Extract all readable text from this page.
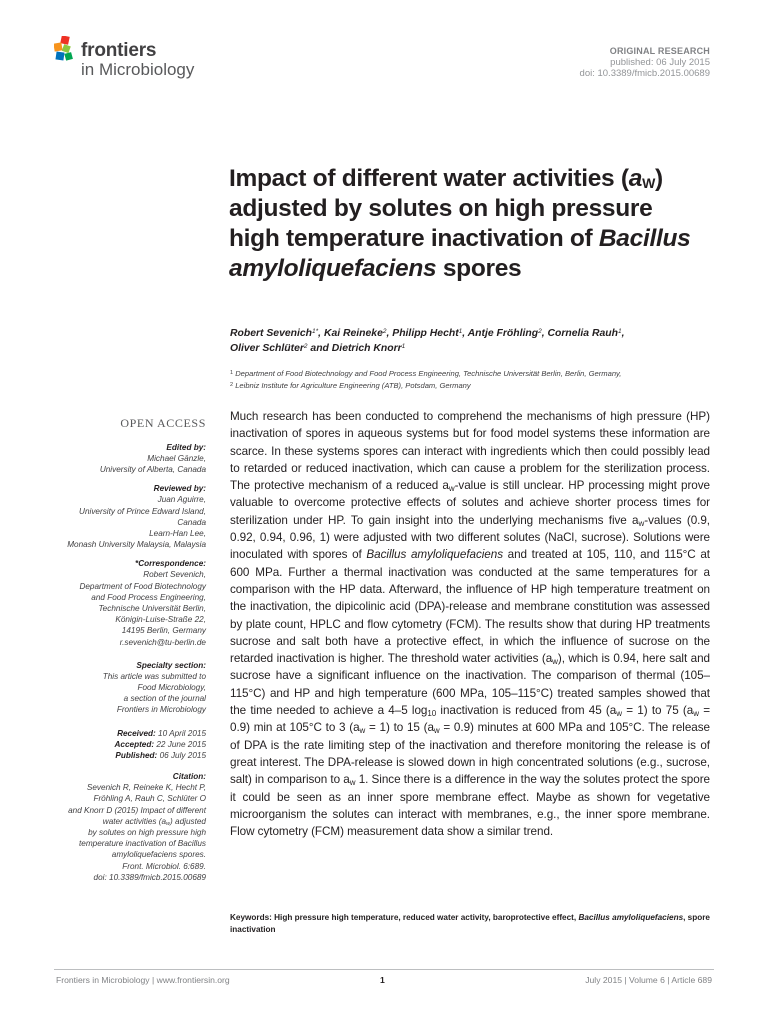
frontiers
in Microbiology
ORIGINAL RESEARCH
published: 06 July 2015
doi: 10.3389/fmicb.2015.00689
Impact of different water activities $(a_W)$ adjusted by solutes on high pressure high temperature inactivation of Bacillus amyloliquefaciens spores
Robert Sevenich$^{1*}$, Kai Reineke$^2$, Philipp Hecht$^1$, Antje Fröhling$^2$, Cornelia Rauh$^1$,
Oliver Schlüter$^2$ and Dietrich Knorr$^1$
$^1$ Department of Food Biotechnology and Food Process Engineering, Technische Universität Berlin, Berlin, Germany,
$^2$ Leibniz Institute for Agriculture Engineering (ATB), Potsdam, Germany
OPEN ACCESS
Edited by:
Michael Gänzle,
University of Alberta, Canada
Reviewed by:
Juan Aguirre,
University of Prince Edward Island,
Canada
Learn-Han Lee,
Monash University Malaysia, Malaysia
*Correspondence:
Robert Sevenich,
Department of Food Biotechnology
and Food Process Engineering,
Technische Universität Berlin,
Königin-Luise-Straße 22,
14195 Berlin, Germany
r.sevenich@tu-berlin.de
Specialty section:
This article was submitted to
Food Microbiology,
a section of the journal
Frontiers in Microbiology
Received: 10 April 2015
Accepted: 22 June 2015
Published: 06 July 2015
Citation:
Sevenich R, Reineke K, Hecht P,
Fröhling A, Rauh C, Schlüter O
and Knorr D (2015) Impact of different
water activities $(a_w)$ adjusted
by solutes on high pressure high
temperature inactivation of Bacillus
amyloliquefaciens spores.
Front. Microbiol. 6:689.
doi: 10.3389/fmicb.2015.00689

Much research has been conducted to comprehend the mechanisms of high pressure (HP) inactivation of spores in aqueous systems but for food model systems these information are scarce. In these systems spores can interact with ingredients which then could possibly lead to retarded or reduced inactivation, which can cause a problem for the sterilization process. The protective mechanism of a reduced $a_w$-value is still unclear. HP processing might prove valuable to overcome protective effects of solutes and achieve shorter process times for sterilization under HP. To gain insight into the underlying mechanisms five $a_w$-values (0.9, 0.92, 0.94, 0.96, 1) were adjusted with two different solutes (NaCl, sucrose). Solutions were inoculated with spores of Bacillus amyloliquefaciens and treated at 105, 110, and 115°C at 600 MPa. Further a thermal inactivation was conducted at the same temperatures for a comparison with the HP data. Afterward, the influence of HP high temperature treatment on the inactivation, the dipicolinic acid (DPA)-release and membrane constitution was assessed by plate count, HPLC and flow cytometry (FCM). The results show that during HP treatments sucrose and salt both have a protective effect, in which the influence of sucrose on the retarded inactivation is higher. The threshold water activities $(a_w)$, which is 0.94, here salt and sucrose have a significant influence on the inactivation. The comparison of thermal (105–115°C) and HP and high temperature (600 MPa, 105–115°C) treated samples showed that the time needed to achieve a 4–5 $\log_{10}$ inactivation is reduced from 45 $(a_w = 1)$ to 75 $(a_w = 0.9)$ min at 105°C to 3 $(a_w = 1)$ to 15 $(a_w = 0.9)$ minutes at 600 MPa and 105°C. The release of DPA is the rate limiting step of the inactivation and therefore monitoring the release is of great interest. The DPA-release is slowed down in high concentrated solutions (e.g., sucrose, salt) in comparison to $a_w$ 1. Since there is a difference in the way the solutes protect the spore it could be seen as an inner spore membrane effect. Maybe as shown for vegetative microorganism the solutes can interact with membranes, e.g., the inner spore membrane. Flow cytometry (FCM) measurement data show a similar trend.

Keywords: High pressure high temperature, reduced water activity, baroprotective effect, Bacillus amyloliquefaciens, spore inactivation
Frontiers in Microbiology | www.frontiersin.org	1	July 2015 | Volume 6 | Article 689
